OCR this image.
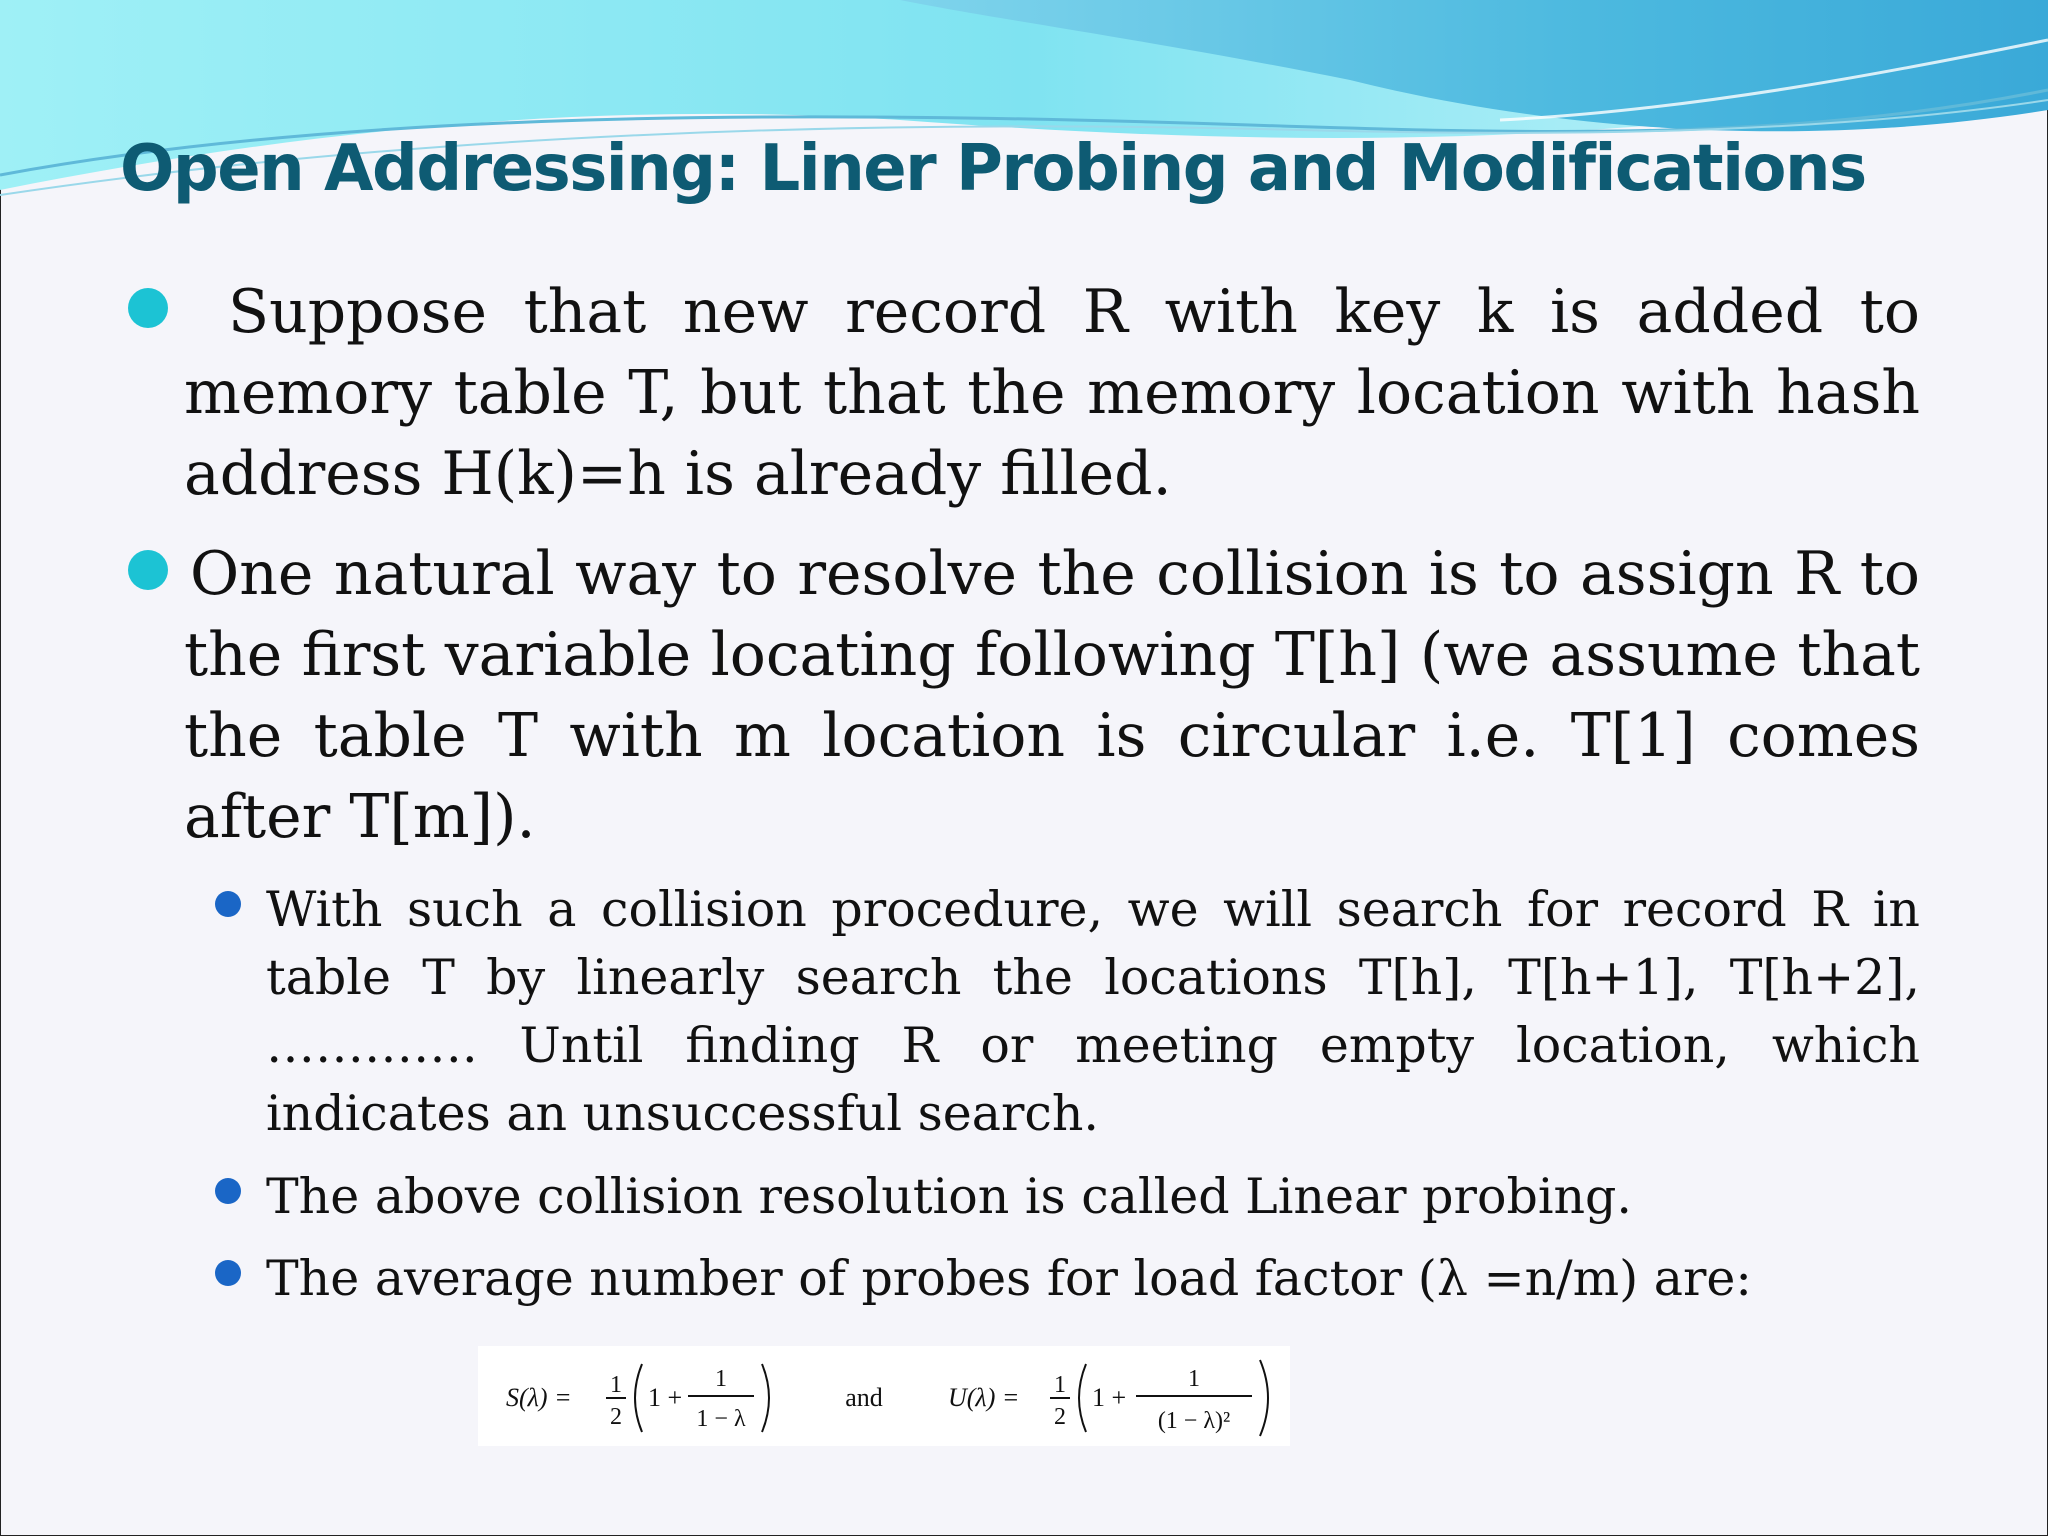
Open Addressing: Liner Probing and Modifications
Suppose that new record R with key k is added to memory table T, but that the memory location with hash address H(k)=h is already filled.
One natural way to resolve the collision is to assign R to the first variable locating following T[h] (we assume that the table T with m location is circular i.e. T[1] comes after T[m]).
With such a collision procedure, we will search for record R in table T by linearly search the locations T[h], T[h+1], T[h+2], …………. Until finding R or meeting empty location, which indicates an unsuccessful search.
The above collision resolution is called Linear probing.
The average number of probes for load factor (λ =n/m) are:
S(λ) = 1
2
1 +
1
1 − λ
and	U(λ) = 1
2
1 +
1
(1 − λ)²
